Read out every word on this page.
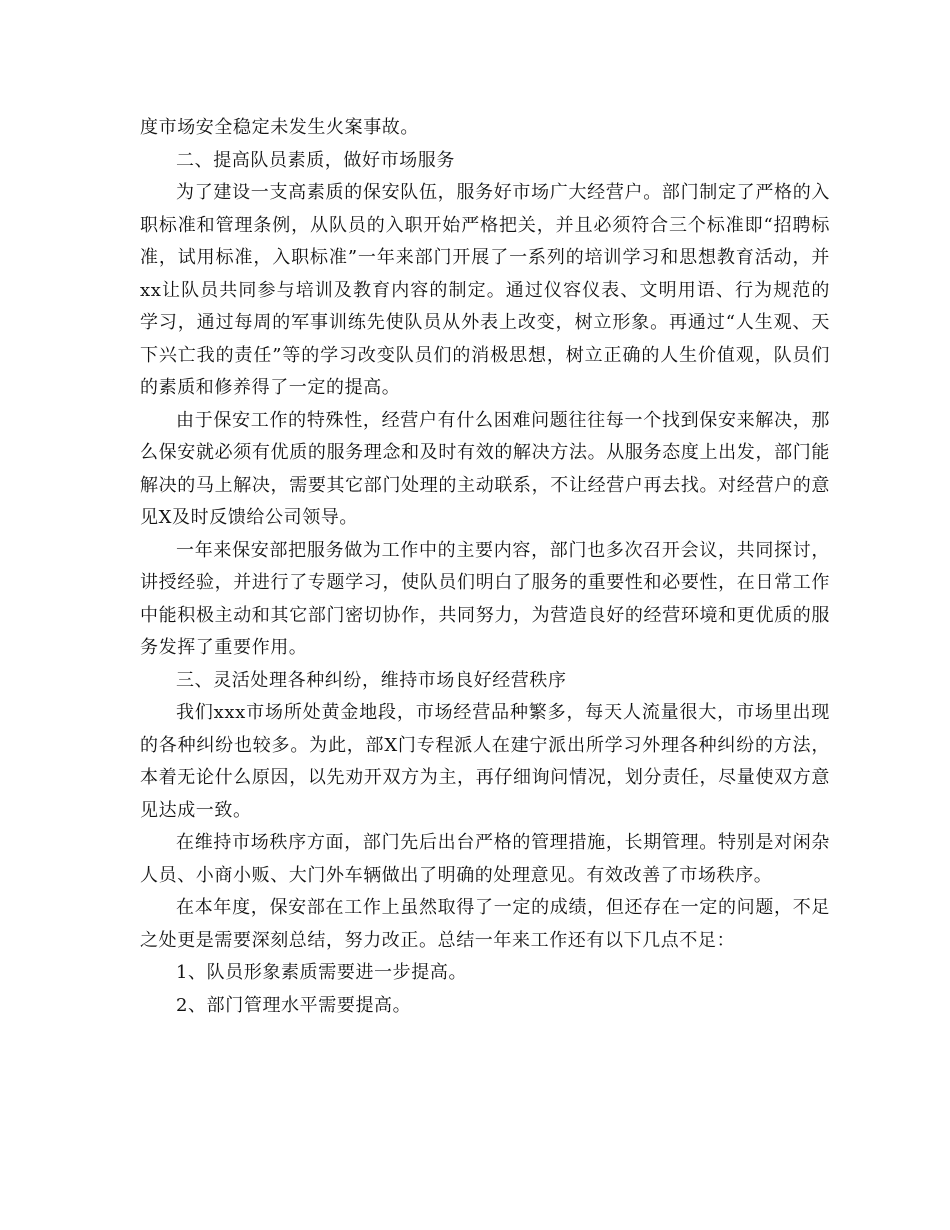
度市场安全稳定未发生火案事故。

二、提高队员素质，做好市场服务

为了建设一支高素质的保安队伍，服务好市场广大经营户。部门制定了严格的入职标准和管理条例，从队员的入职开始严格把关，并且必须符合三个标准即“招聘标准，试用标准，入职标准”一年来部门开展了一系列的培训学习和思想教育活动，并xx让队员共同参与培训及教育内容的制定。通过仪容仪表、文明用语、行为规范的学习，通过每周的军事训练先使队员从外表上改变，树立形象。再通过“人生观、天下兴亡我的责任”等的学习改变队员们的消极思想，树立正确的人生价值观，队员们的素质和修养得了一定的提高。

由于保安工作的特殊性，经营户有什么困难问题往往每一个找到保安来解决，那么保安就必须有优质的服务理念和及时有效的解决方法。从服务态度上出发，部门能解决的马上解决，需要其它部门处理的主动联系，不让经营户再去找。对经营户的意见X及时反馈给公司领导。

一年来保安部把服务做为工作中的主要内容，部门也多次召开会议，共同探讨，讲授经验，并进行了专题学习，使队员们明白了服务的重要性和必要性，在日常工作中能积极主动和其它部门密切协作，共同努力，为营造良好的经营环境和更优质的服务发挥了重要作用。

三、灵活处理各种纠纷，维持市场良好经营秩序

我们xxx市场所处黄金地段，市场经营品种繁多，每天人流量很大，市场里出现的各种纠纷也较多。为此，部X门专程派人在建宁派出所学习外理各种纠纷的方法，本着无论什么原因，以先劝开双方为主，再仔细询问情况，划分责任，尽量使双方意见达成一致。

在维持市场秩序方面，部门先后出台严格的管理措施，长期管理。特别是对闲杂人员、小商小贩、大门外车辆做出了明确的处理意见。有效改善了市场秩序。

在本年度，保安部在工作上虽然取得了一定的成绩，但还存在一定的问题，不足之处更是需要深刻总结，努力改正。总结一年来工作还有以下几点不足：

1、队员形象素质需要进一步提高。

2、部门管理水平需要提高。
